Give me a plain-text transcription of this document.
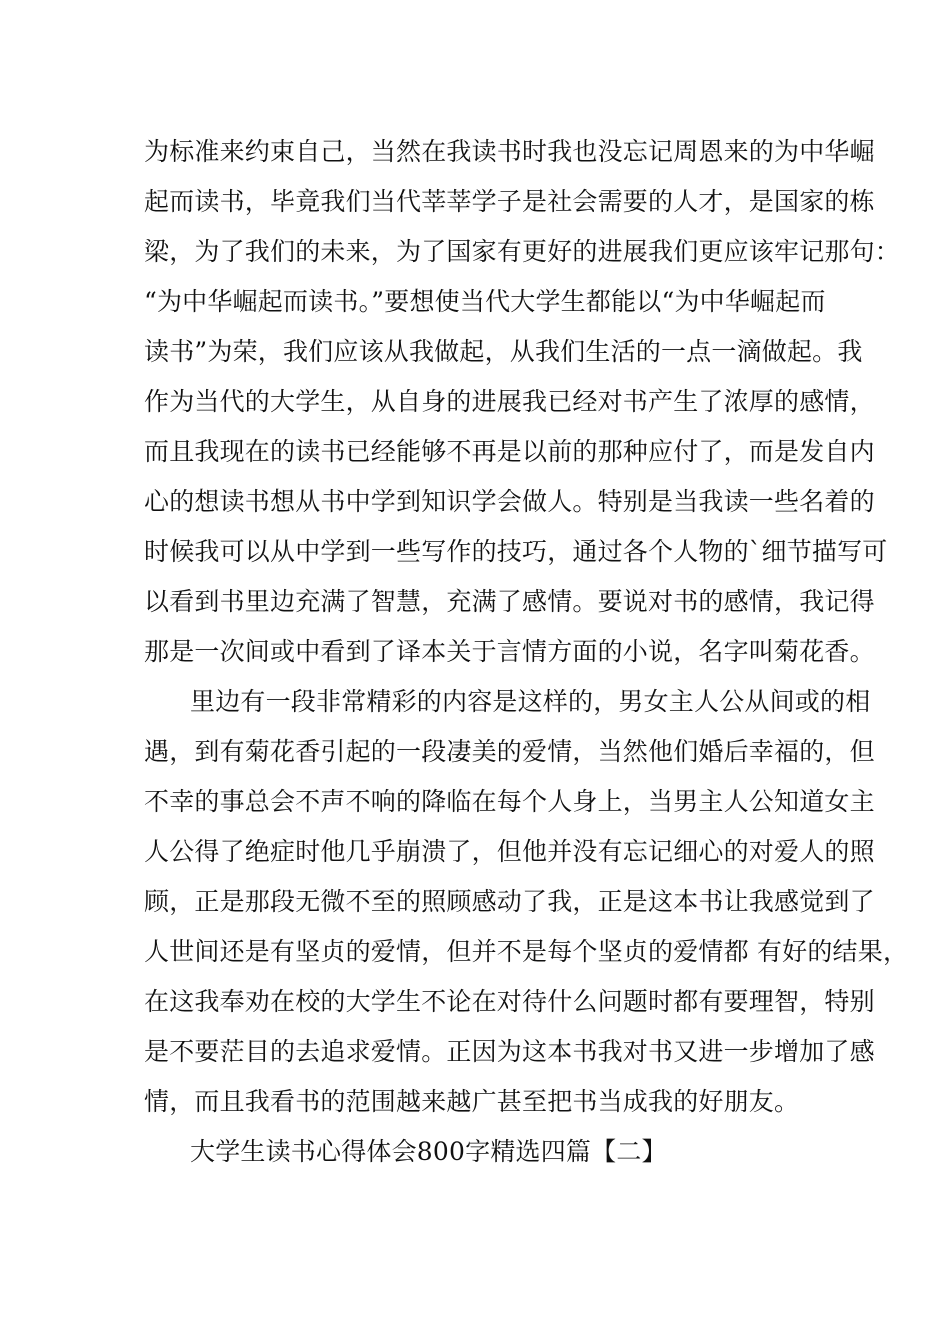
为标准来约束自己，当然在我读书时我也没忘记周恩来的为中华崛
起而读书，毕竟我们当代莘莘学子是社会需要的人才，是国家的栋
梁，为了我们的未来，为了国家有更好的进展我们更应该牢记那句：
“为中华崛起而读书。”要想使当代大学生都能以“为中华崛起而
读书”为荣，我们应该从我做起，从我们生活的一点一滴做起。我
作为当代的大学生，从自身的进展我已经对书产生了浓厚的感情，
而且我现在的读书已经能够不再是以前的那种应付了，而是发自内
心的想读书想从书中学到知识学会做人。特别是当我读一些名着的
时候我可以从中学到一些写作的技巧，通过各个人物的`细节描写可
以看到书里边充满了智慧，充满了感情。要说对书的感情，我记得
那是一次间或中看到了译本关于言情方面的小说，名字叫菊花香。
里边有一段非常精彩的内容是这样的，男女主人公从间或的相
遇，到有菊花香引起的一段凄美的爱情，当然他们婚后幸福的，但
不幸的事总会不声不响的降临在每个人身上，当男主人公知道女主
人公得了绝症时他几乎崩溃了，但他并没有忘记细心的对爱人的照
顾，正是那段无微不至的照顾感动了我，正是这本书让我感觉到了
人世间还是有坚贞的爱情，但并不是每个坚贞的爱情都 有好的结果，
在这我奉劝在校的大学生不论在对待什么问题时都有要理智，特别
是不要茫目的去追求爱情。正因为这本书我对书又进一步增加了感
情，而且我看书的范围越来越广甚至把书当成我的好朋友。
大学生读书心得体会800字精选四篇【二】
